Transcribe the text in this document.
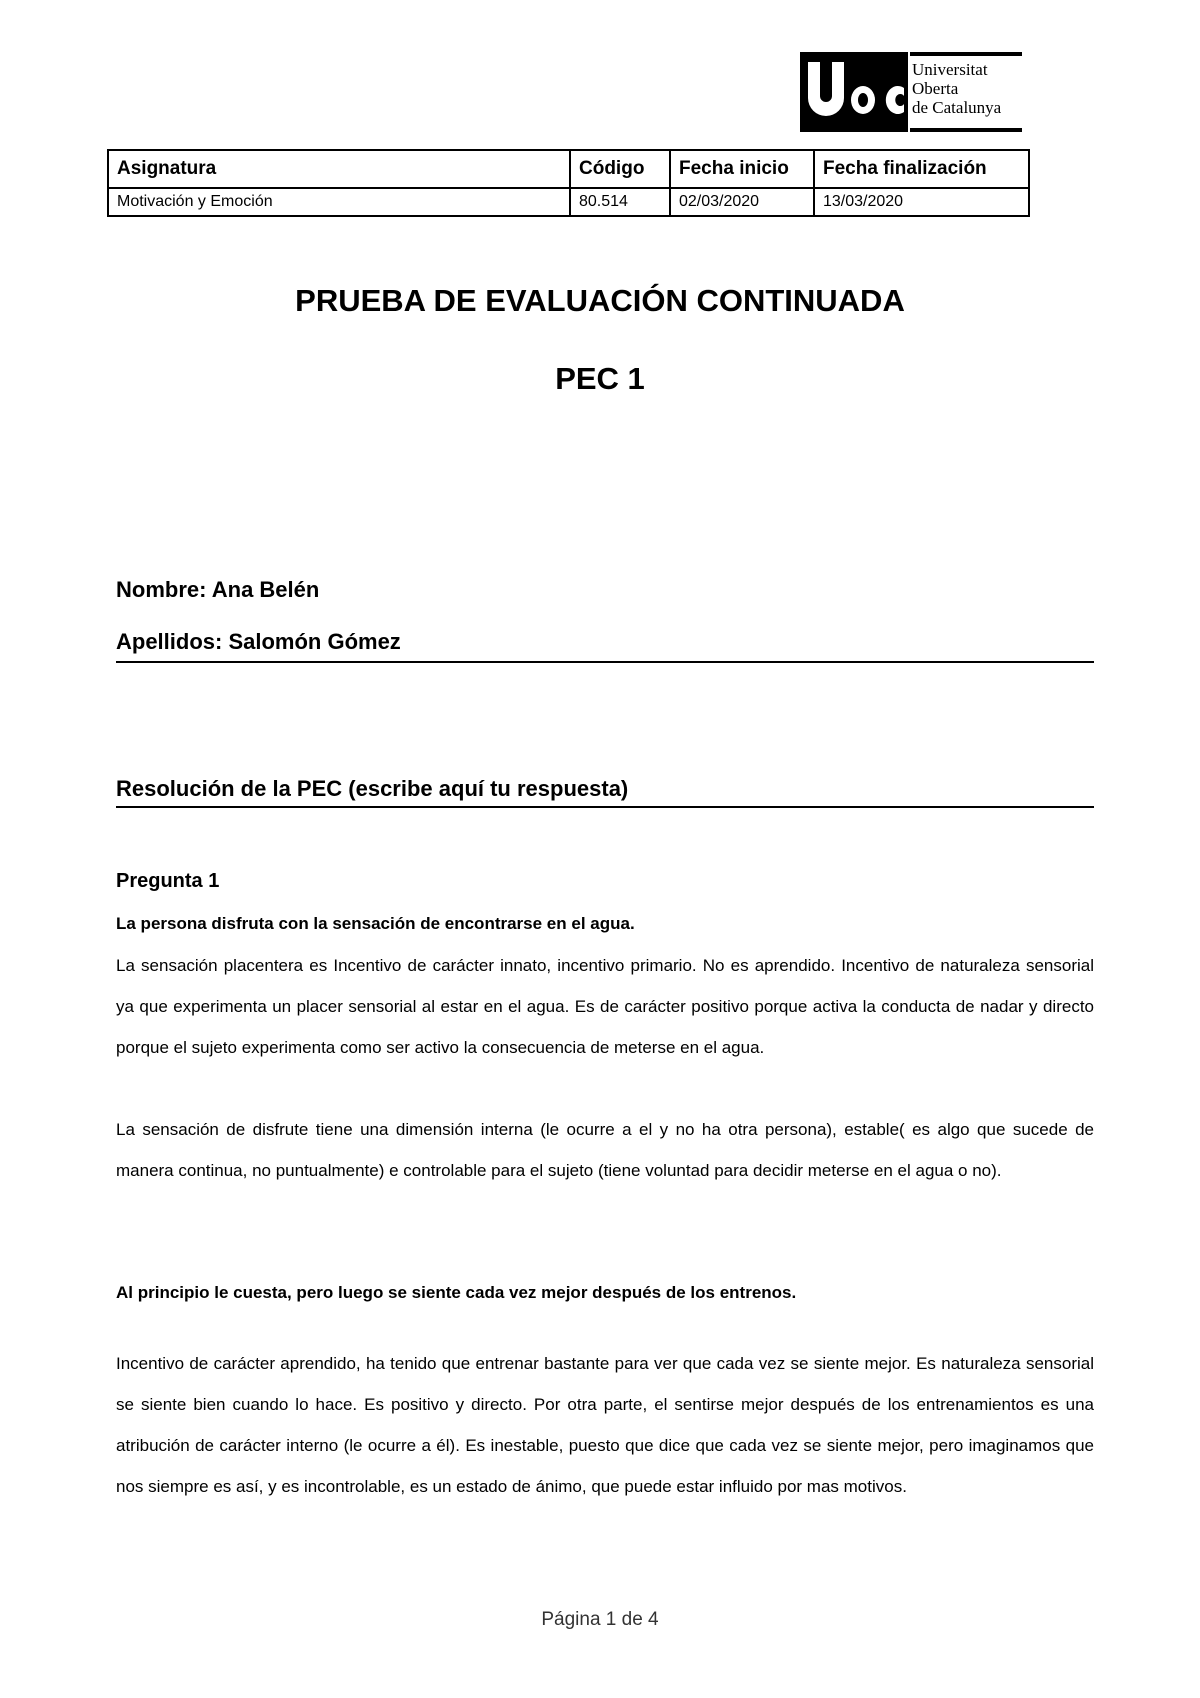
Universitat
Oberta
de Catalunya
Asignatura	Código	Fecha inicio	Fecha finalización
Motivación y Emoción	80.514	02/03/2020	13/03/2020
PRUEBA DE EVALUACIÓN CONTINUADA
PEC 1
Nombre: Ana Belén
Apellidos: Salomón Gómez
Resolución de la PEC (escribe aquí tu respuesta)
Pregunta 1
La persona disfruta con la sensación de encontrarse en el agua.
La sensación placentera es Incentivo de carácter innato, incentivo primario. No es aprendido. Incentivo de naturaleza sensorial ya que experimenta un placer sensorial al estar en el agua. Es de carácter positivo porque activa la conducta de nadar y directo porque el sujeto experimenta como ser activo la consecuencia de meterse en el agua.
La sensación de disfrute tiene una dimensión interna (le ocurre a el y no ha otra persona), estable( es algo que sucede de manera continua, no puntualmente) e controlable para el sujeto (tiene voluntad para decidir meterse en el agua o no).
Al principio le cuesta, pero luego se siente cada vez mejor después de los entrenos.
Incentivo de carácter aprendido, ha tenido que entrenar bastante para ver que cada vez se siente mejor. Es naturaleza sensorial se siente bien cuando lo hace. Es positivo y directo. Por otra parte, el sentirse mejor después de los entrenamientos es una atribución de carácter interno (le ocurre a él). Es inestable, puesto que dice que cada vez se siente mejor, pero imaginamos que nos siempre es así, y es incontrolable, es un estado de ánimo, que puede estar influido por mas motivos.
Página 1 de 4
